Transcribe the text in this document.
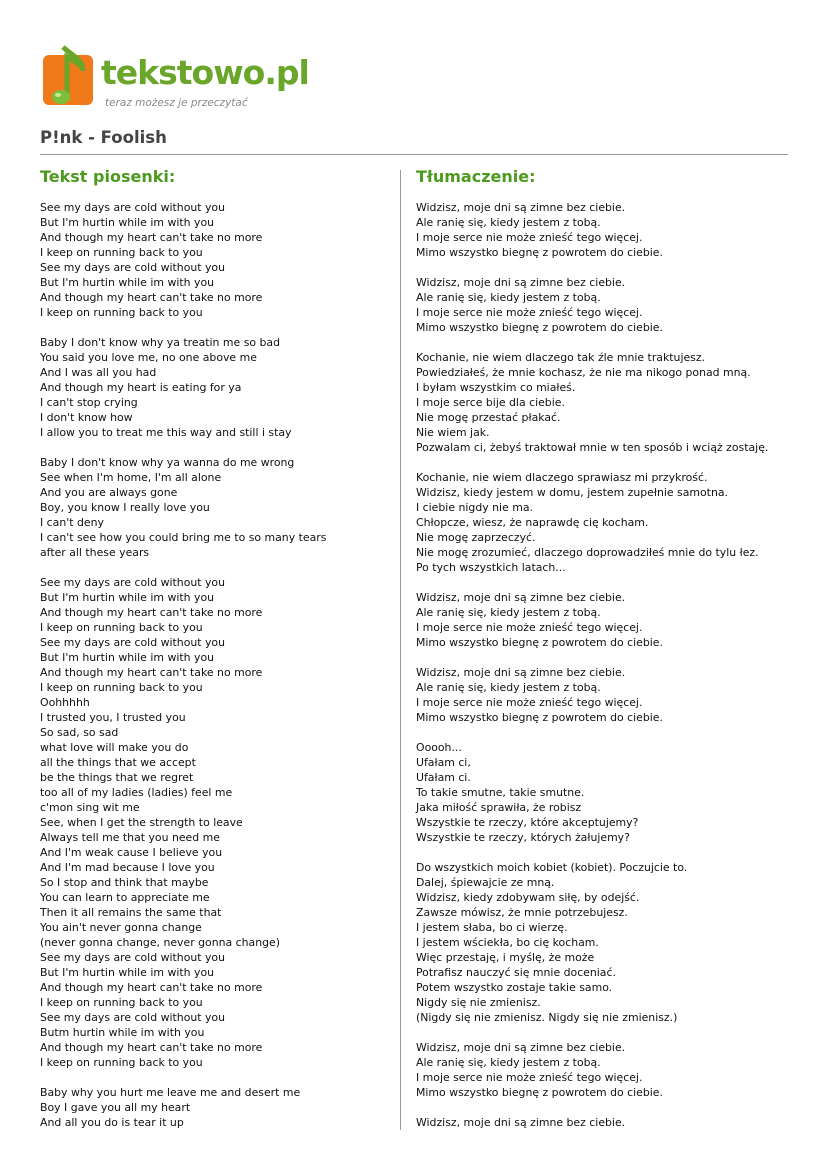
tekstowo.pl
teraz możesz je przeczytać
P!nk - Foolish
Tekst piosenki:	Tłumaczenie:
See my days are cold without you
But I'm hurtin while im with you
And though my heart can't take no more
I keep on running back to you
See my days are cold without you
But I'm hurtin while im with you
And though my heart can't take no more
I keep on running back to you
Baby I don't know why ya treatin me so bad
You said you love me, no one above me
And I was all you had
And though my heart is eating for ya
I can't stop crying
I don't know how
I allow you to treat me this way and still i stay
Baby I don't know why ya wanna do me wrong
See when I'm home, I'm all alone
And you are always gone
Boy, you know I really love you
I can't deny
I can't see how you could bring me to so many tears
after all these years
See my days are cold without you
But I'm hurtin while im with you
And though my heart can't take no more
I keep on running back to you
See my days are cold without you
But I'm hurtin while im with you
And though my heart can't take no more
I keep on running back to you
Oohhhhh
I trusted you, I trusted you
So sad, so sad
what love will make you do
all the things that we accept
be the things that we regret
too all of my ladies (ladies) feel me
c'mon sing wit me
See, when I get the strength to leave
Always tell me that you need me
And I'm weak cause I believe you
And I'm mad because I love you
So I stop and think that maybe
You can learn to appreciate me
Then it all remains the same that
You ain't never gonna change
(never gonna change, never gonna change)
See my days are cold without you
But I'm hurtin while im with you
And though my heart can't take no more
I keep on running back to you
See my days are cold without you
Butm hurtin while im with you
And though my heart can't take no more
I keep on running back to you
Baby why you hurt me leave me and desert me
Boy I gave you all my heart
And all you do is tear it up
Widzisz, moje dni są zimne bez ciebie.
Ale ranię się, kiedy jestem z tobą.
I moje serce nie może znieść tego więcej.
Mimo wszystko biegnę z powrotem do ciebie.
Widzisz, moje dni są zimne bez ciebie.
Ale ranię się, kiedy jestem z tobą.
I moje serce nie może znieść tego więcej.
Mimo wszystko biegnę z powrotem do ciebie.
Kochanie, nie wiem dlaczego tak źle mnie traktujesz.
Powiedziałeś, że mnie kochasz, że nie ma nikogo ponad mną.
I byłam wszystkim co miałeś.
I moje serce bije dla ciebie.
Nie mogę przestać płakać.
Nie wiem jak.
Pozwalam ci, żebyś traktował mnie w ten sposób i wciąż zostaję.
Kochanie, nie wiem dlaczego sprawiasz mi przykrość.
Widzisz, kiedy jestem w domu, jestem zupełnie samotna.
I ciebie nigdy nie ma.
Chłopcze, wiesz, że naprawdę cię kocham.
Nie mogę zaprzeczyć.
Nie mogę zrozumieć, dlaczego doprowadziłeś mnie do tylu łez.
Po tych wszystkich latach...
Widzisz, moje dni są zimne bez ciebie.
Ale ranię się, kiedy jestem z tobą.
I moje serce nie może znieść tego więcej.
Mimo wszystko biegnę z powrotem do ciebie.
Widzisz, moje dni są zimne bez ciebie.
Ale ranię się, kiedy jestem z tobą.
I moje serce nie może znieść tego więcej.
Mimo wszystko biegnę z powrotem do ciebie.
Ooooh...
Ufałam ci,
Ufałam ci.
To takie smutne, takie smutne.
Jaka miłość sprawiła, że robisz
Wszystkie te rzeczy, które akceptujemy?
Wszystkie te rzeczy, których żałujemy?
Do wszystkich moich kobiet (kobiet). Poczujcie to.
Dalej, śpiewajcie ze mną.
Widzisz, kiedy zdobywam siłę, by odejść.
Zawsze mówisz, że mnie potrzebujesz.
I jestem słaba, bo ci wierzę.
I jestem wściekła, bo cię kocham.
Więc przestaję, i myślę, że może
Potrafisz nauczyć się mnie doceniać.
Potem wszystko zostaje takie samo.
Nigdy się nie zmienisz.
(Nigdy się nie zmienisz. Nigdy się nie zmienisz.)
Widzisz, moje dni są zimne bez ciebie.
Ale ranię się, kiedy jestem z tobą.
I moje serce nie może znieść tego więcej.
Mimo wszystko biegnę z powrotem do ciebie.
Widzisz, moje dni są zimne bez ciebie.
